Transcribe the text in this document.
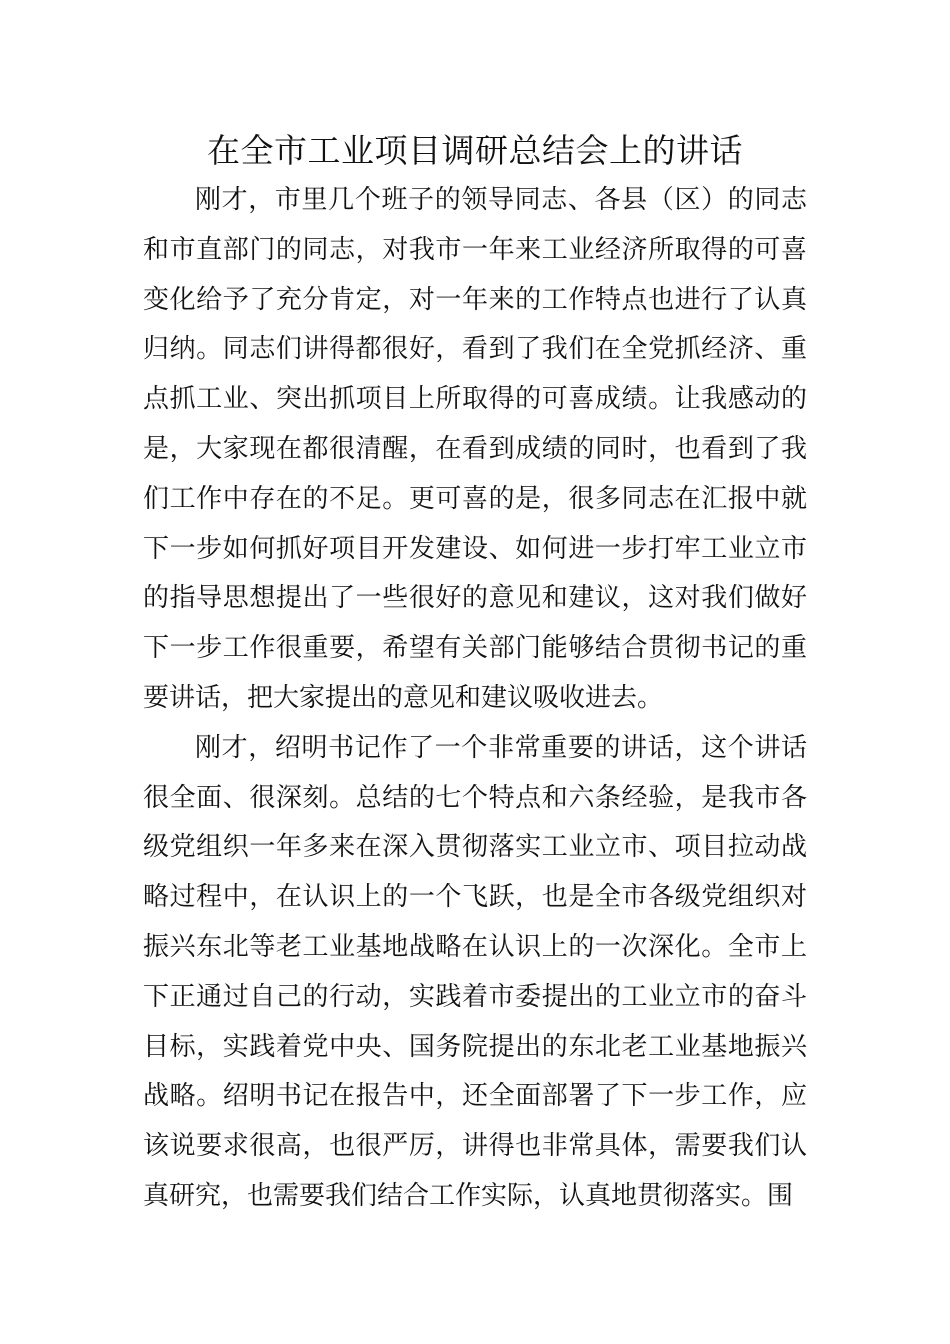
在全市工业项目调研总结会上的讲话

刚才，市里几个班子的领导同志、各县（区）的同志和市直部门的同志，对我市一年来工业经济所取得的可喜变化给予了充分肯定，对一年来的工作特点也进行了认真归纳。同志们讲得都很好，看到了我们在全党抓经济、重点抓工业、突出抓项目上所取得的可喜成绩。让我感动的是，大家现在都很清醒，在看到成绩的同时，也看到了我们工作中存在的不足。更可喜的是，很多同志在汇报中就下一步如何抓好项目开发建设、如何进一步打牢工业立市的指导思想提出了一些很好的意见和建议，这对我们做好下一步工作很重要，希望有关部门能够结合贯彻书记的重要讲话，把大家提出的意见和建议吸收进去。

刚才，绍明书记作了一个非常重要的讲话，这个讲话很全面、很深刻。总结的七个特点和六条经验，是我市各级党组织一年多来在深入贯彻落实工业立市、项目拉动战略过程中，在认识上的一个飞跃，也是全市各级党组织对振兴东北等老工业基地战略在认识上的一次深化。全市上下正通过自己的行动，实践着市委提出的工业立市的奋斗目标，实践着党中央、国务院提出的东北老工业基地振兴战略。绍明书记在报告中，还全面部署了下一步工作，应该说要求很高，也很严厉，讲得也非常具体，需要我们认真研究，也需要我们结合工作实际，认真地贯彻落实。围
